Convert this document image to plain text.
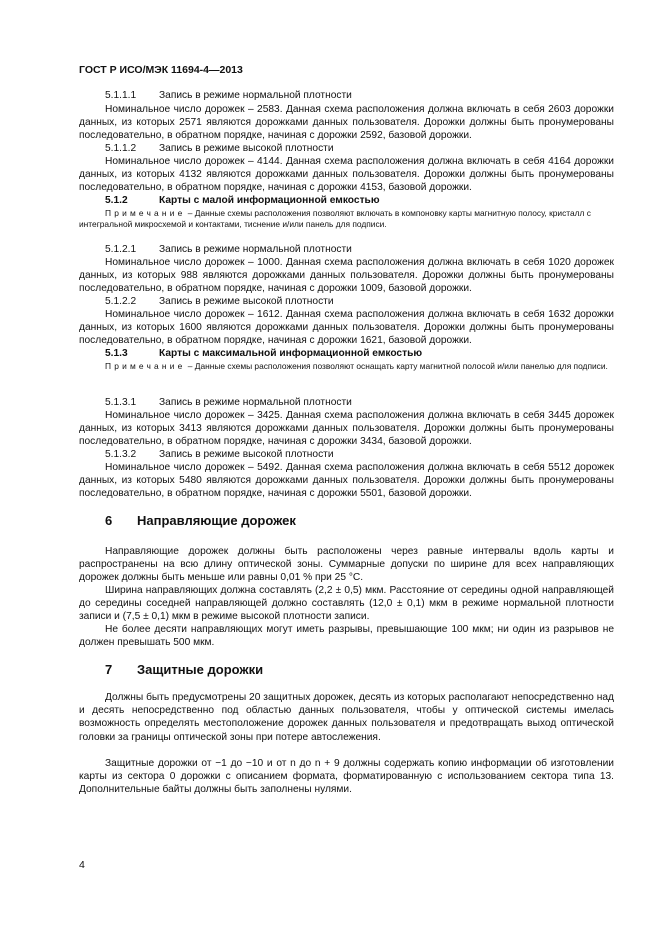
ГОСТ Р ИСО/МЭК 11694-4—2013
5.1.1.1 Запись в режиме нормальной плотности

Номинальное число дорожек – 2583. Данная схема расположения должна включать в себя 2603 дорожки данных, из которых 2571 являются дорожками данных пользователя. Дорожки должны быть пронумерованы последовательно, в обратном порядке, начиная с дорожки 2592, базовой дорожки.

5.1.1.2 Запись в режиме высокой плотности

Номинальное число дорожек – 4144. Данная схема расположения должна включать в себя 4164 дорожки данных, из которых 4132 являются дорожками данных пользователя. Дорожки должны быть пронумерованы последовательно, в обратном порядке, начиная с дорожки 4153, базовой дорожки.

5.1.2	Карты с малой информационной емкостью

Примечание – Данные схемы расположения позволяют включать в компоновку карты магнитную полосу, кристалл с интегральной микросхемой и контактами, тиснение и/или панель для подписи.

5.1.2.1 Запись в режиме нормальной плотности

Номинальное число дорожек – 1000. Данная схема расположения должна включать в себя 1020 дорожек данных, из которых 988 являются дорожками данных пользователя. Дорожки должны быть пронумерованы последовательно, в обратном порядке, начиная с дорожки 1009, базовой дорожки.

5.1.2.2 Запись в режиме высокой плотности

Номинальное число дорожек – 1612. Данная схема расположения должна включать в себя 1632 дорожки данных, из которых 1600 являются дорожками данных пользователя. Дорожки должны быть пронумерованы последовательно, в обратном порядке, начиная с дорожки 1621, базовой дорожки.

5.1.3	Карты с максимальной информационной емкостью

Примечание – Данные схемы расположения позволяют оснащать карту магнитной полосой и/или панелью для подписи.

5.1.3.1 Запись в режиме нормальной плотности

Номинальное число дорожек – 3425. Данная схема расположения должна включать в себя 3445 дорожек данных, из которых 3413 являются дорожками данных пользователя. Дорожки должны быть пронумерованы последовательно, в обратном порядке, начиная с дорожки 3434, базовой дорожки.

5.1.3.2 Запись в режиме высокой плотности

Номинальное число дорожек – 5492. Данная схема расположения должна включать в себя 5512 дорожек данных, из которых 5480 являются дорожками данных пользователя. Дорожки должны быть пронумерованы последовательно, в обратном порядке, начиная с дорожки 5501, базовой дорожки.

6 Направляющие дорожек

Направляющие дорожек должны быть расположены через равные интервалы вдоль карты и распространены на всю длину оптической зоны. Суммарные допуски по ширине для всех направляющих дорожек должны быть меньше или равны 0,01 % при 25 °С.

Ширина направляющих должна составлять (2,2 ± 0,5) мкм. Расстояние от середины одной направляющей до середины соседней направляющей должно составлять (12,0 ± 0,1) мкм в режиме нормальной плотности записи и (7,5 ± 0,1) мкм в режиме высокой плотности записи.

Не более десяти направляющих могут иметь разрывы, превышающие 100 мкм; ни один из разрывов не должен превышать 500 мкм.

7 Защитные дорожки

Должны быть предусмотрены 20 защитных дорожек, десять из которых располагают непосредственно над и десять непосредственно под областью данных пользователя, чтобы у оптической системы имелась возможность определять местоположение дорожек данных пользователя и предотвращать выход оптической головки за границы оптической зоны при потере автослежения.

Защитные дорожки от −1 до −10 и от n до n + 9 должны содержать копию информации об изготовлении карты из сектора 0 дорожки с описанием формата, форматированную с использованием сектора типа 13. Дополнительные байты должны быть заполнены нулями.

4
